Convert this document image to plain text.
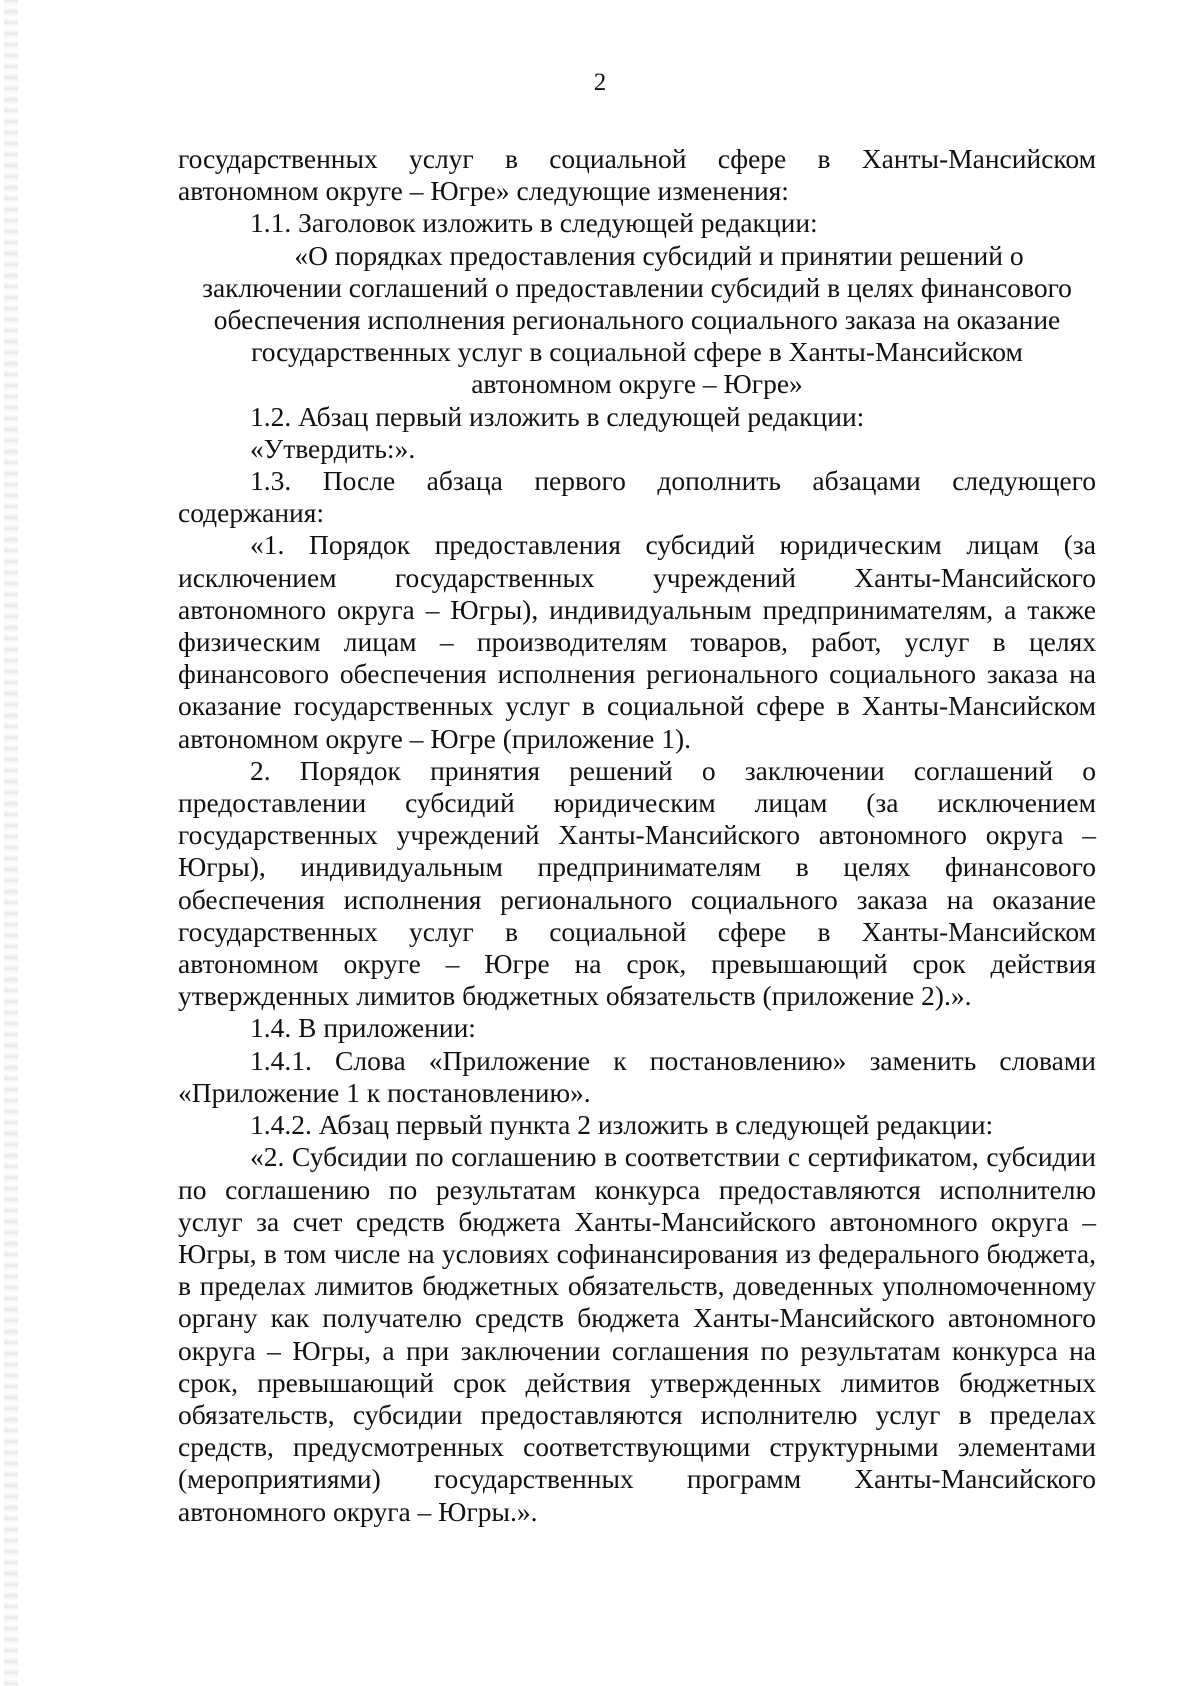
2

государственных услуг в социальной сфере в Ханты-Мансийском автономном округе – Югре» следующие изменения:

1.1. Заголовок изложить в следующей редакции:

«О порядках предоставления субсидий и принятии решений о

заключении соглашений о предоставлении субсидий в целях финансового

обеспечения исполнения регионального социального заказа на оказание

государственных услуг в социальной сфере в Ханты-Мансийском

автономном округе – Югре»

1.2. Абзац первый изложить в следующей редакции:

«Утвердить:».

1.3. После абзаца первого дополнить абзацами следующего содержания:

«1. Порядок предоставления субсидий юридическим лицам (за исключением государственных учреждений Ханты-Мансийского автономного округа – Югры), индивидуальным предпринимателям, а также физическим лицам – производителям товаров, работ, услуг в целях финансового обеспечения исполнения регионального социального заказа на оказание государственных услуг в социальной сфере в Ханты-Мансийском автономном округе – Югре (приложение 1).

2. Порядок принятия решений о заключении соглашений о предоставлении субсидий юридическим лицам (за исключением государственных учреждений Ханты-Мансийского автономного округа – Югры), индивидуальным предпринимателям в целях финансового обеспечения исполнения регионального социального заказа на оказание государственных услуг в социальной сфере в Ханты-Мансийском автономном округе – Югре на срок, превышающий срок действия утвержденных лимитов бюджетных обязательств (приложение 2).».

1.4. В приложении:

1.4.1. Слова «Приложение к постановлению» заменить словами «Приложение 1 к постановлению».

1.4.2. Абзац первый пункта 2 изложить в следующей редакции:

«2. Субсидии по соглашению в соответствии с сертификатом, субсидии по соглашению по результатам конкурса предоставляются исполнителю услуг за счет средств бюджета Ханты-Мансийского автономного округа – Югры, в том числе на условиях софинансирования из федерального бюджета, в пределах лимитов бюджетных обязательств, доведенных уполномоченному органу как получателю средств бюджета Ханты-Мансийского автономного округа – Югры, а при заключении соглашения по результатам конкурса на срок, превышающий срок действия утвержденных лимитов бюджетных обязательств, субсидии предоставляются исполнителю услуг в пределах средств, предусмотренных соответствующими структурными элементами (мероприятиями) государственных программ Ханты-Мансийского автономного округа – Югры.».
